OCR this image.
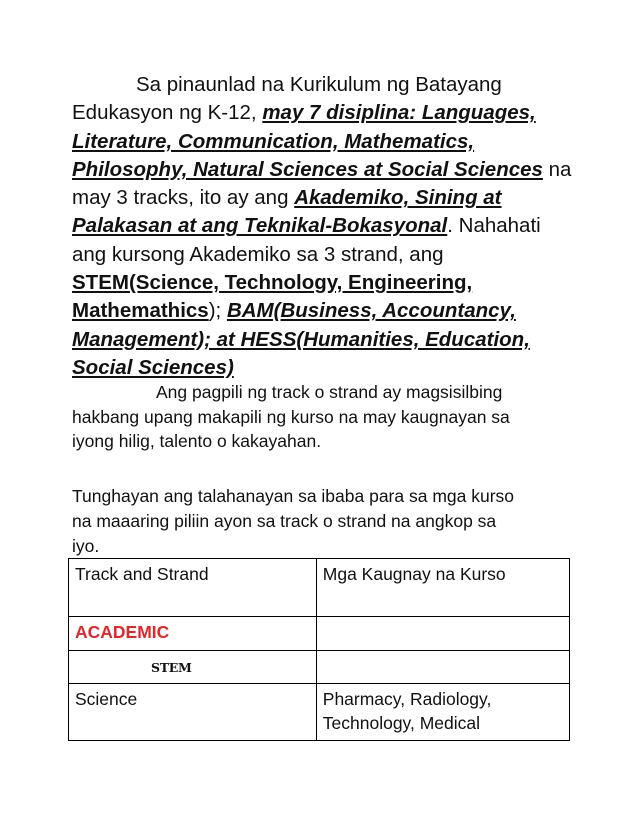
Sa pinaunlad na Kurikulum ng Batayang
Edukasyon ng K-12, may 7 disiplina: Languages,
Literature, Communication, Mathematics,
Philosophy, Natural Sciences at Social Sciences na
may 3 tracks, ito ay ang Akademiko, Sining at
Palakasan at ang Teknikal-Bokasyonal. Nahahati
ang kursong Akademiko sa 3 strand, ang
STEM(Science, Technology, Engineering,
Mathemathics); BAM(Business, Accountancy,
Management); at HESS(Humanities, Education,
Social Sciences)
Ang pagpili ng track o strand ay magsisilbing
hakbang upang makapili ng kurso na may kaugnayan sa
iyong hilig, talento o kakayahan.
Tunghayan ang talahanayan sa ibaba para sa mga kurso
na maaaring piliin ayon sa track o strand na angkop sa
iyo.
Track and Strand	Mga Kaugnay na Kurso
ACADEMIC	
STEM	
Science	Pharmacy, Radiology,
Technology, Medical
